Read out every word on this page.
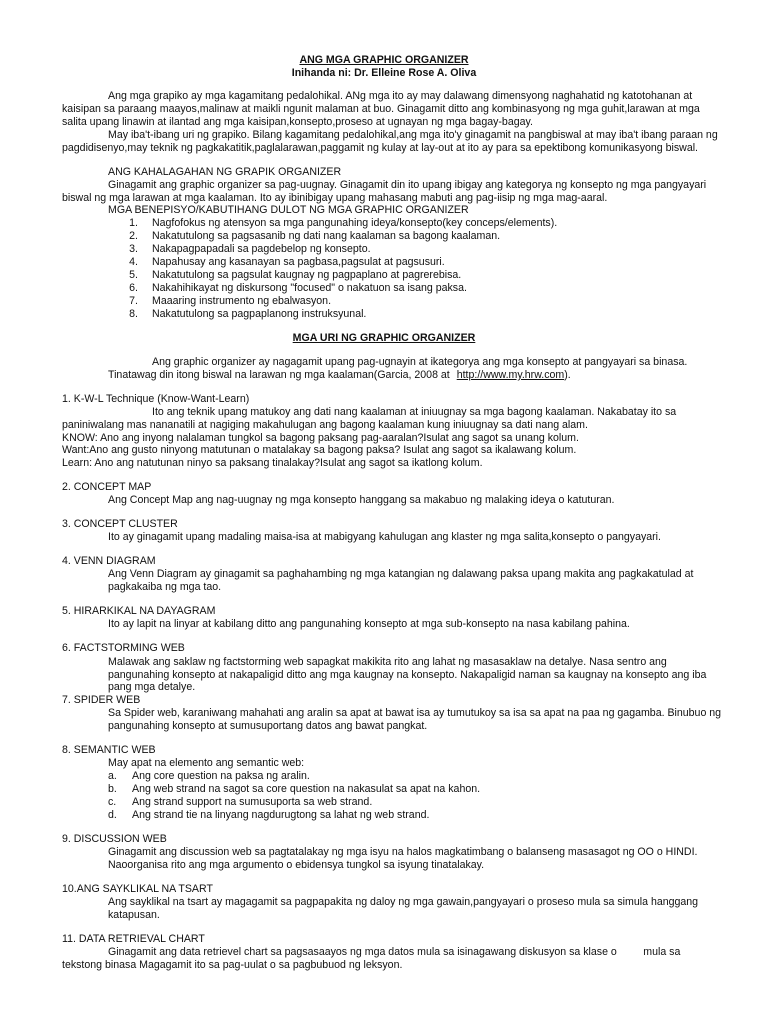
ANG MGA GRAPHIC ORGANIZER
Inihanda ni: Dr. Elleine Rose A. Oliva
Ang mga grapiko ay mga kagamitang pedalohikal. ANg mga ito ay may dalawang dimensyong naghahatid ng katotohanan at
kaisipan sa paraang maayos,malinaw at maikli ngunit malaman at buo. Ginagamit ditto ang kombinasyong ng mga guhit,larawan at mga
salita upang linawin at ilantad ang mga kaisipan,konsepto,proseso at ugnayan ng mga bagay-bagay.
May iba't-ibang uri ng grapiko. Bilang kagamitang pedalohikal,ang mga ito'y ginagamit na pangbiswal at may iba't ibang paraan ng
pagdidisenyo,may teknik ng pagkakatitik,paglalarawan,paggamit ng kulay at lay-out at ito ay para sa epektibong komunikasyong biswal.
ANG KAHALAGAHAN NG GRAPIK ORGANIZER
Ginagamit ang graphic organizer sa pag-uugnay. Ginagamit din ito upang ibigay ang kategorya ng konsepto ng mga pangyayari
biswal ng mga larawan at mga kaalaman. Ito ay ibinibigay upang mahasang mabuti ang pag-iisip ng mga mag-aaral.
MGA BENEPISYO/KABUTIHANG DULOT NG MGA GRAPHIC ORGANIZER
1. Nagfofokus ng atensyon sa mga pangunahing ideya/konsepto(key conceps/elements).
2. Nakatutulong sa pagsasanib ng dati nang kaalaman sa bagong kaalaman.
3. Nakapagpapadali sa pagdebelop ng konsepto.
4. Napahusay ang kasanayan sa pagbasa,pagsulat at pagsusuri.
5. Nakatutulong sa pagsulat kaugnay ng pagpaplano at pagrerebisa.
6. Nakahihikayat ng diskursong "focused" o nakatuon sa isang paksa.
7. Maaaring instrumento ng ebalwasyon.
8. Nakatutulong sa pagpaplanong instruksyunal.
MGA URI NG GRAPHIC ORGANIZER
Ang graphic organizer ay nagagamit upang pag-ugnayin at ikategorya ang mga konsepto at pangyayari sa binasa.
Tinatawag din itong biswal na larawan ng mga kaalaman(Garcia, 2008 at http://www.my.hrw.com).
1. K-W-L Technique (Know-Want-Learn)
Ito ang teknik upang matukoy ang dati nang kaalaman at iniuugnay sa mga bagong kaalaman. Nakabatay ito sa
paniniwalang mas nananatili at nagiging makahulugan ang bagong kaalaman kung iniuugnay sa dati nang alam.
KNOW: Ano ang inyong nalalaman tungkol sa bagong paksang pag-aaralan?Isulat ang sagot sa unang kolum.
Want:Ano ang gusto ninyong matutunan o matalakay sa bagong paksa? Isulat ang sagot sa ikalawang kolum.
Learn: Ano ang natutunan ninyo sa paksang tinalakay?Isulat ang sagot sa ikatlong kolum.
2. CONCEPT MAP
Ang Concept Map ang nag-uugnay ng mga konsepto hanggang sa makabuo ng malaking ideya o katuturan.
3. CONCEPT CLUSTER
Ito ay ginagamit upang madaling maisa-isa at mabigyang kahulugan ang klaster ng mga salita,konsepto o pangyayari.
4. VENN DIAGRAM
Ang Venn Diagram ay ginagamit sa paghahambing ng mga katangian ng dalawang paksa upang makita ang pagkakatulad at
pagkakaiba ng mga tao.
5. HIRARKIKAL NA DAYAGRAM
Ito ay lapit na linyar at kabilang ditto ang pangunahing konsepto at mga sub-konsepto na nasa kabilang pahina.
6. FACTSTORMING WEB
Malawak ang saklaw ng factstorming web sapagkat makikita rito ang lahat ng masasaklaw na detalye. Nasa sentro ang
pangunahing konsepto at nakapaligid ditto ang mga kaugnay na konsepto. Nakapaligid naman sa kaugnay na konsepto ang iba
pang mga detalye.
7. SPIDER WEB
Sa Spider web, karaniwang mahahati ang aralin sa apat at bawat isa ay tumutukoy sa isa sa apat na paa ng gagamba. Binubuo ng
pangunahing konsepto at sumusuportang datos ang bawat pangkat.
8. SEMANTIC WEB
May apat na elemento ang semantic web:
a. Ang core question na paksa ng aralin.
b. Ang web strand na sagot sa core question na nakasulat sa apat na kahon.
c. Ang strand support na sumusuporta sa web strand.
d. Ang strand tie na linyang nagdurugtong sa lahat ng web strand.
9. DISCUSSION WEB
Ginagamit ang discussion web sa pagtatalakay ng mga isyu na halos magkatimbang o balanseng masasagot ng OO o HINDI.
Naoorganisa rito ang mga argumento o ebidensya tungkol sa isyung tinatalakay.
10.ANG SAYKLIKAL NA TSART
Ang sayklikal na tsart ay magagamit sa pagpapakita ng daloy ng mga gawain,pangyayari o proseso mula sa simula hanggang
katapusan.
11. DATA RETRIEVAL CHART
Ginagamit ang data retrievel chart sa pagsasaayos ng mga datos mula sa isinagawang diskusyon sa klase o         mula sa
tekstong binasa Magagamit ito sa pag-uulat o sa pagbubuod ng leksyon.
